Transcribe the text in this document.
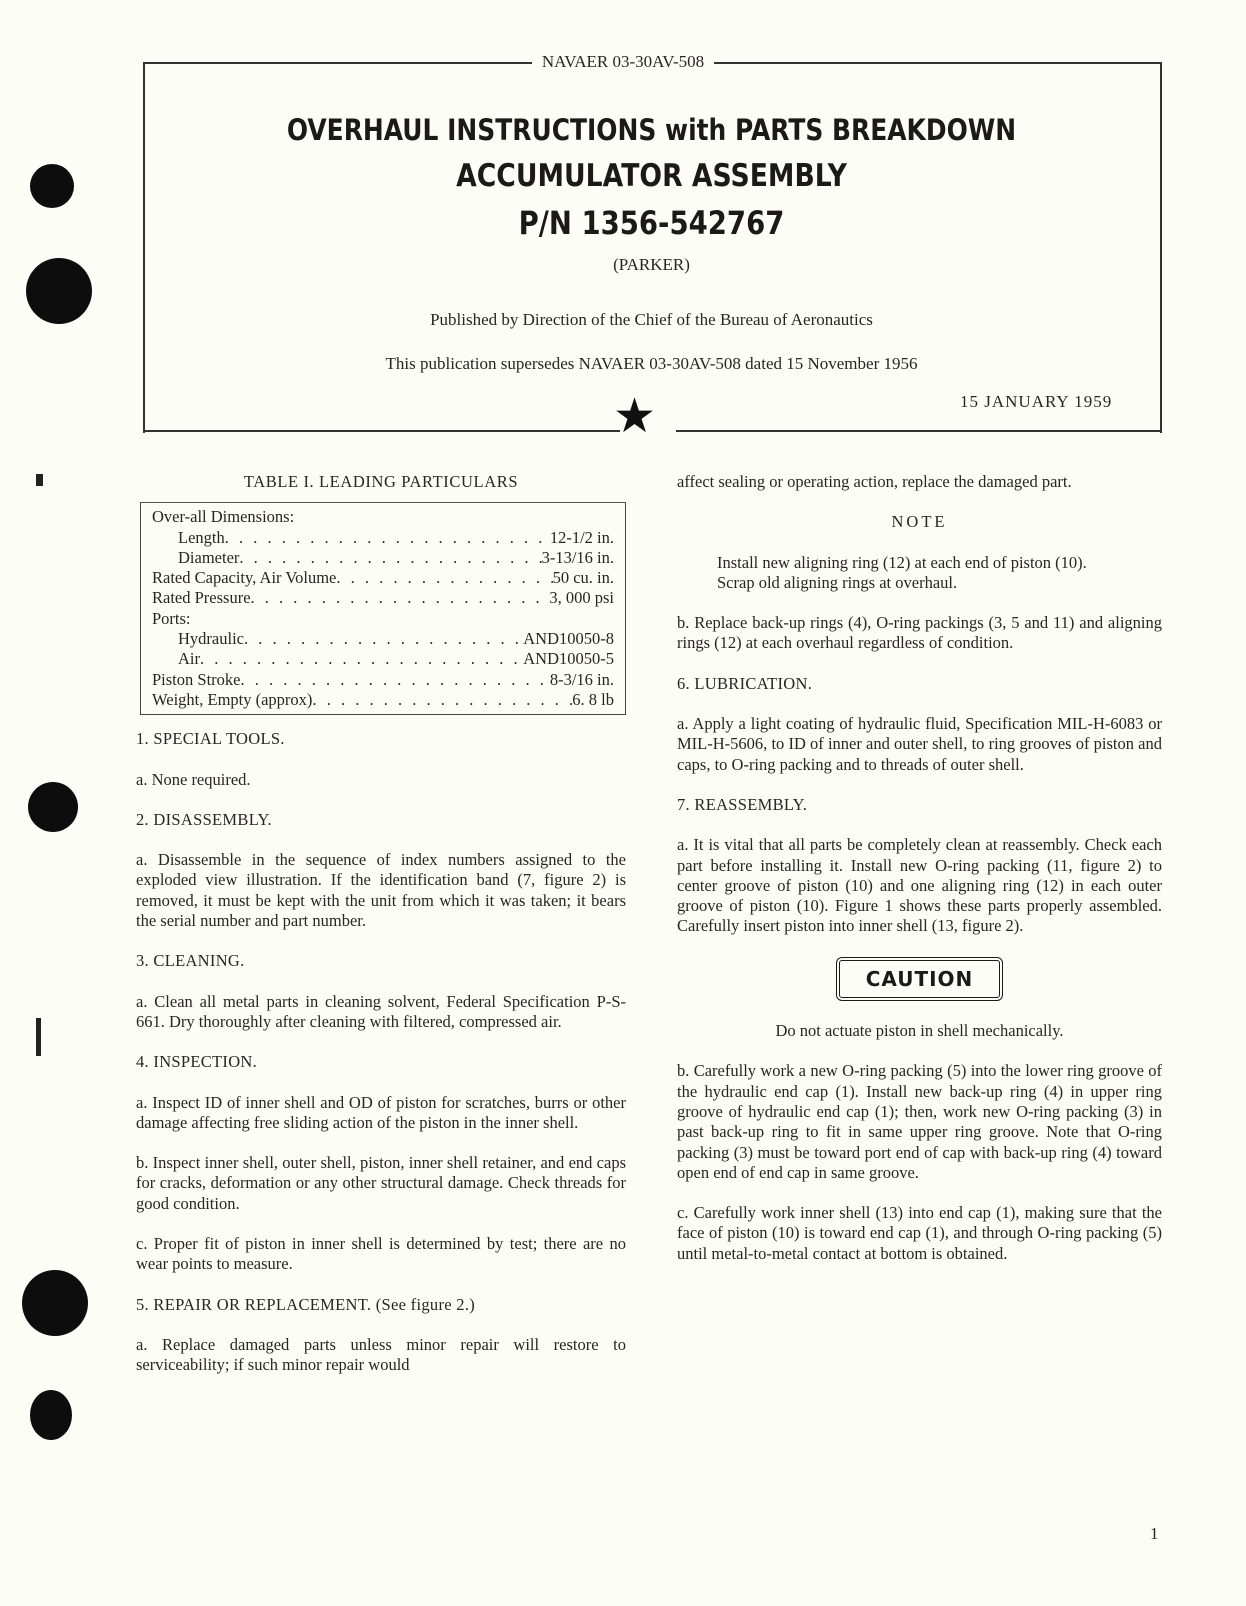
NAVAER 03-30AV-508
OVERHAUL INSTRUCTIONS with PARTS BREAKDOWN
ACCUMULATOR ASSEMBLY
P/N 1356-542767
(PARKER)
Published by Direction of the Chief of the Bureau of Aeronautics
This publication supersedes NAVAER 03-30AV-508 dated 15 November 1956
★	15 JANUARY 1959
TABLE I. LEADING PARTICULARS
Over-all Dimensions:
Length . . .	12-1/2 in.
Diameter . . .	3-13/16 in.
Rated Capacity, Air Volume . . .	50 cu. in.
Rated Pressure . . .	3, 000 psi
Ports:
Hydraulic . . .	AND10050-8
Air . . .	AND10050-5
Piston Stroke . . .	8-3/16 in.
Weight, Empty (approx) . . .	6. 8 lb
1. SPECIAL TOOLS.
a. None required.
2. DISASSEMBLY.
a. Disassemble in the sequence of index numbers assigned to the exploded view illustration. If the identification band (7, figure 2) is removed, it must be kept with the unit from which it was taken; it bears the serial number and part number.
3. CLEANING.
a. Clean all metal parts in cleaning solvent, Federal Specification P-S-661. Dry thoroughly after cleaning with filtered, compressed air.
4. INSPECTION.
a. Inspect ID of inner shell and OD of piston for scratches, burrs or other damage affecting free sliding action of the piston in the inner shell.
b. Inspect inner shell, outer shell, piston, inner shell retainer, and end caps for cracks, deformation or any other structural damage. Check threads for good condition.
c. Proper fit of piston in inner shell is determined by test; there are no wear points to measure.
5. REPAIR OR REPLACEMENT. (See figure 2.)
a. Replace damaged parts unless minor repair will restore to serviceability; if such minor repair would
affect sealing or operating action, replace the damaged part.
NOTE
Install new aligning ring (12) at each end of piston (10). Scrap old aligning rings at overhaul.
b. Replace back-up rings (4), O-ring packings (3, 5 and 11) and aligning rings (12) at each overhaul regardless of condition.
6. LUBRICATION.
a. Apply a light coating of hydraulic fluid, Specification MIL-H-6083 or MIL-H-5606, to ID of inner and outer shell, to ring grooves of piston and caps, to O-ring packing and to threads of outer shell.
7. REASSEMBLY.
a. It is vital that all parts be completely clean at reassembly. Check each part before installing it. Install new O-ring packing (11, figure 2) to center groove of piston (10) and one aligning ring (12) in each outer groove of piston (10). Figure 1 shows these parts properly assembled. Carefully insert piston into inner shell (13, figure 2).
CAUTION
Do not actuate piston in shell mechanically.
b. Carefully work a new O-ring packing (5) into the lower ring groove of the hydraulic end cap (1). Install new back-up ring (4) in upper ring groove of hydraulic end cap (1); then, work new O-ring packing (3) in past back-up ring to fit in same upper ring groove. Note that O-ring packing (3) must be toward port end of cap with back-up ring (4) toward open end of end cap in same groove.
c. Carefully work inner shell (13) into end cap (1), making sure that the face of piston (10) is toward end cap (1), and through O-ring packing (5) until metal-to-metal contact at bottom is obtained.
1
